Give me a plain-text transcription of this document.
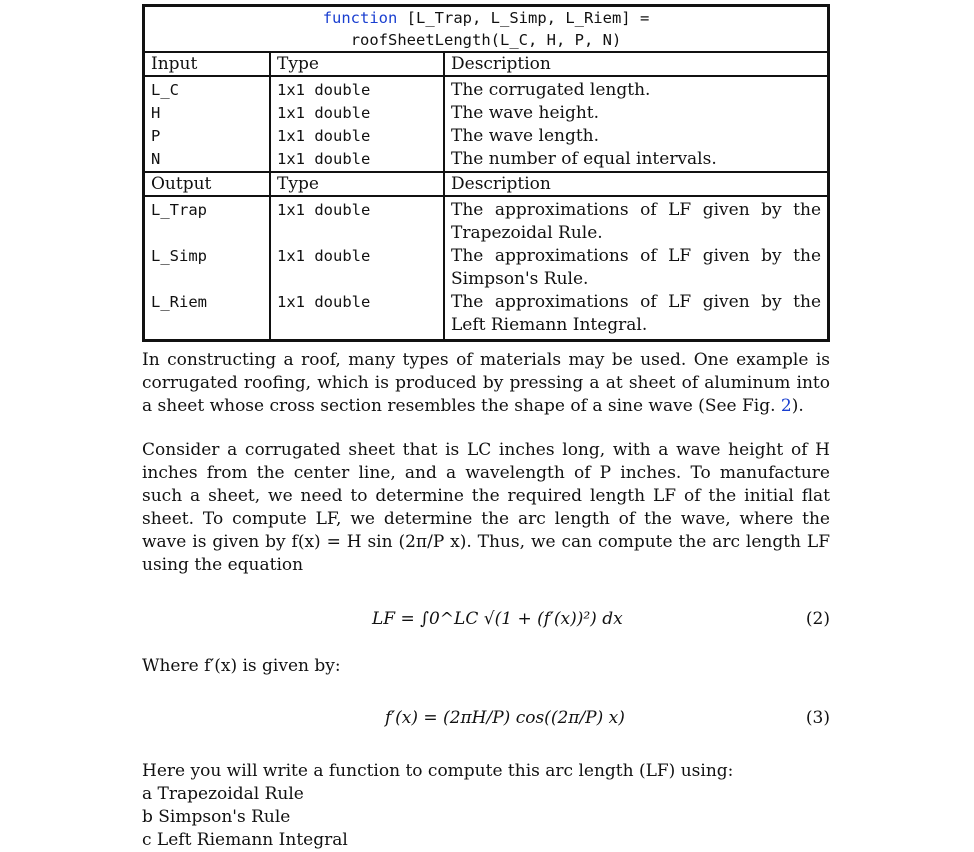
function [L_Trap, L_Simp, L_Riem] =
roofSheetLength(L_C, H, P, N)		

Input	Type	Description
L_C	1x1 double	The corrugated length.
H	1x1 double	The wave height.
P	1x1 double	The wave length.
N	1x1 double	The number of equal intervals.
Output	Type	Description
L_Trap	1x1 double	The approximations of LF given by the Trapezoidal Rule.
L_Simp	1x1 double	The approximations of LF given by the Simpson's Rule.
L_Riem	1x1 double	The approximations of LF given by the Left Riemann Integral.

In constructing a roof, many types of materials may be used. One example is corrugated roofing, which is produced by pressing a at sheet of aluminum into a sheet whose cross section resembles the shape of a sine wave (See Fig. 2).

Consider a corrugated sheet that is LC inches long, with a wave height of H inches from the center line, and a wavelength of P inches. To manufacture such a sheet, we need to determine the required length LF of the initial flat sheet. To compute LF, we determine the arc length of the wave, where the wave is given by f(x) = H sin (2π/P x). Thus, we can compute the arc length LF using the equation

LF = ∫0^LC √(1 + (f′(x))²) dx	(2)

Where f′(x) is given by:

f′(x) = (2πH/P) cos((2π/P) x)	(3)

Here you will write a function to compute this arc length (LF) using:

a Trapezoidal Rule
b Simpson's Rule
c Left Riemann Integral
